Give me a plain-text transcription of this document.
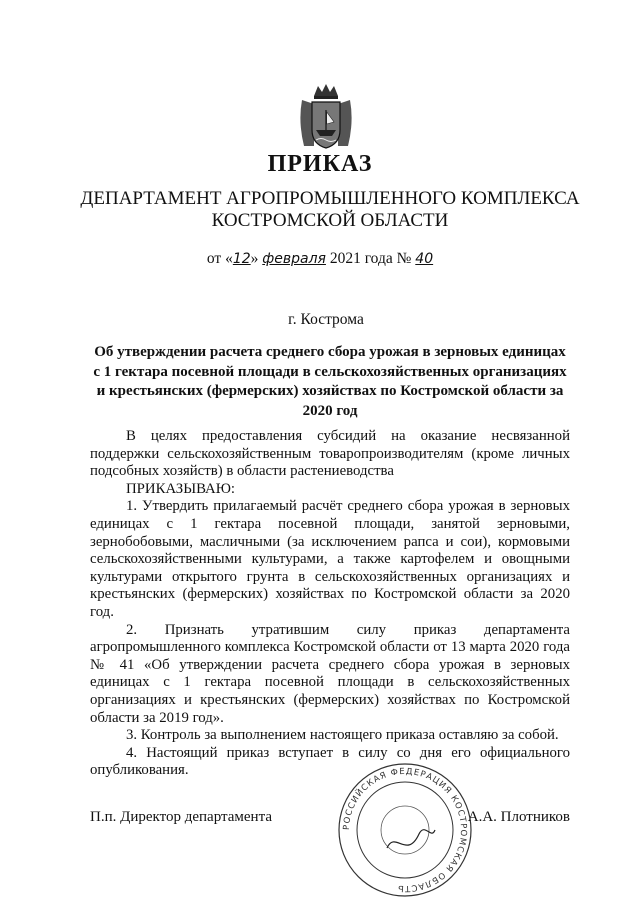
ПРИКАЗ
ДЕПАРТАМЕНТ АГРОПРОМЫШЛЕННОГО КОМПЛЕКСА
КОСТРОМСКОЙ ОБЛАСТИ
от «12» февраля 2021 года № 40
г. Кострома
Об утверждении расчета среднего сбора урожая в зерновых единицах с 1 гектара посевной площади в сельскохозяйственных организациях и крестьянских (фермерских) хозяйствах по Костромской области за 2020 год

В целях предоставления субсидий на оказание несвязанной поддержки сельскохозяйственным товаропроизводителям (кроме личных подсобных хозяйств) в области растениеводства

ПРИКАЗЫВАЮ:

1. Утвердить прилагаемый расчёт среднего сбора урожая в зерновых единицах с 1 гектара посевной площади, занятой зерновыми, зернобобовыми, масличными (за исключением рапса и сои), кормовыми сельскохозяйственными культурами, а также картофелем и овощными культурами открытого грунта в сельскохозяйственных организациях и крестьянских (фермерских) хозяйствах по Костромской области за 2020 год.

2. Признать утратившим силу приказ департамента агропромышленного комплекса Костромской области от 13 марта 2020 года № 41 «Об утверждении расчета среднего сбора урожая в зерновых единицах с 1 гектара посевной площади в сельскохозяйственных организациях и крестьянских (фермерских) хозяйствах по Костромской области за 2019 год».

3. Контроль за выполнением настоящего приказа оставляю за собой.

4. Настоящий приказ вступает в силу со дня его официального опубликования.

РОССИЙСКАЯ ФЕДЕРАЦИЯ КОСТРОМСКАЯ ОБЛАСТЬ
П.п. Директор департамента	А.А. Плотников
